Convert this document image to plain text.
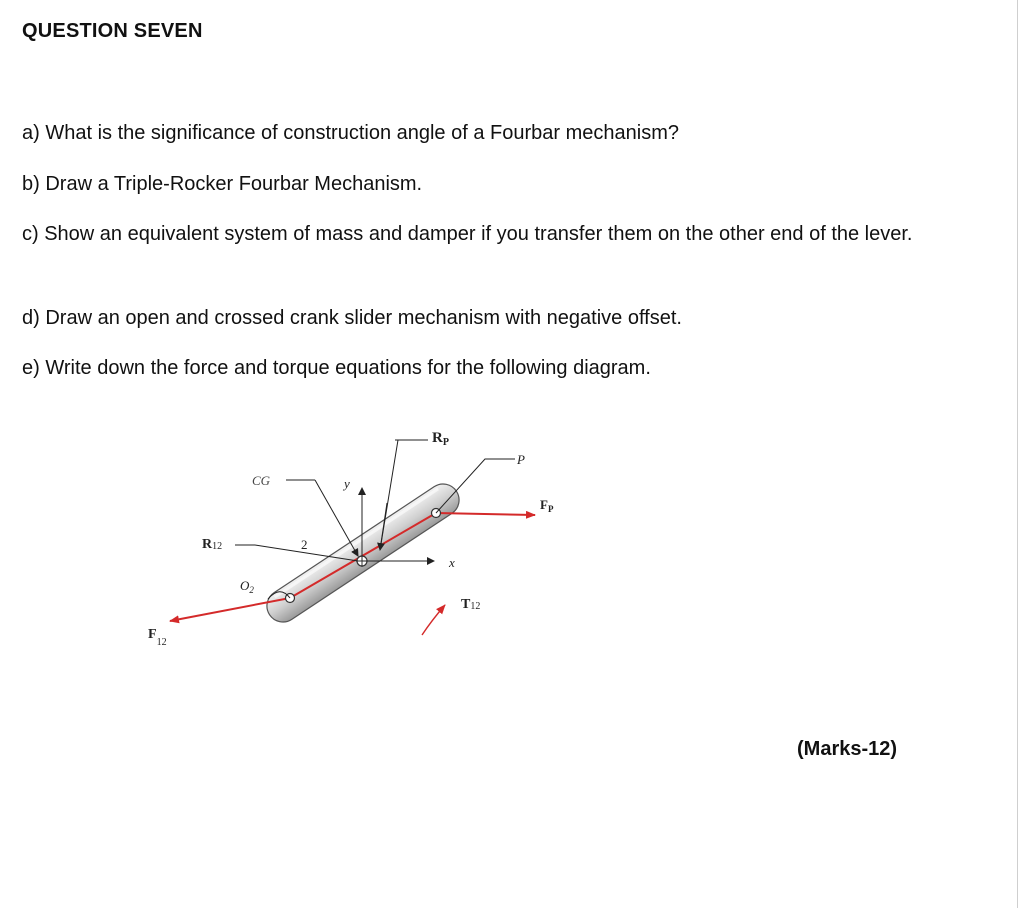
QUESTION SEVEN
a) What is the significance of construction angle of a Fourbar mechanism?
b) Draw a Triple-Rocker Fourbar Mechanism.
c) Show an equivalent system of mass and damper if you transfer them on the other end of the lever.
d) Draw an open and crossed crank slider mechanism with negative offset.
e) Write down the force and torque equations for the following diagram.
$R_P$
P
$F_P$
CG	y
x
R12	2
$O_2$
T12
$F_{12}$
(Marks-12)
